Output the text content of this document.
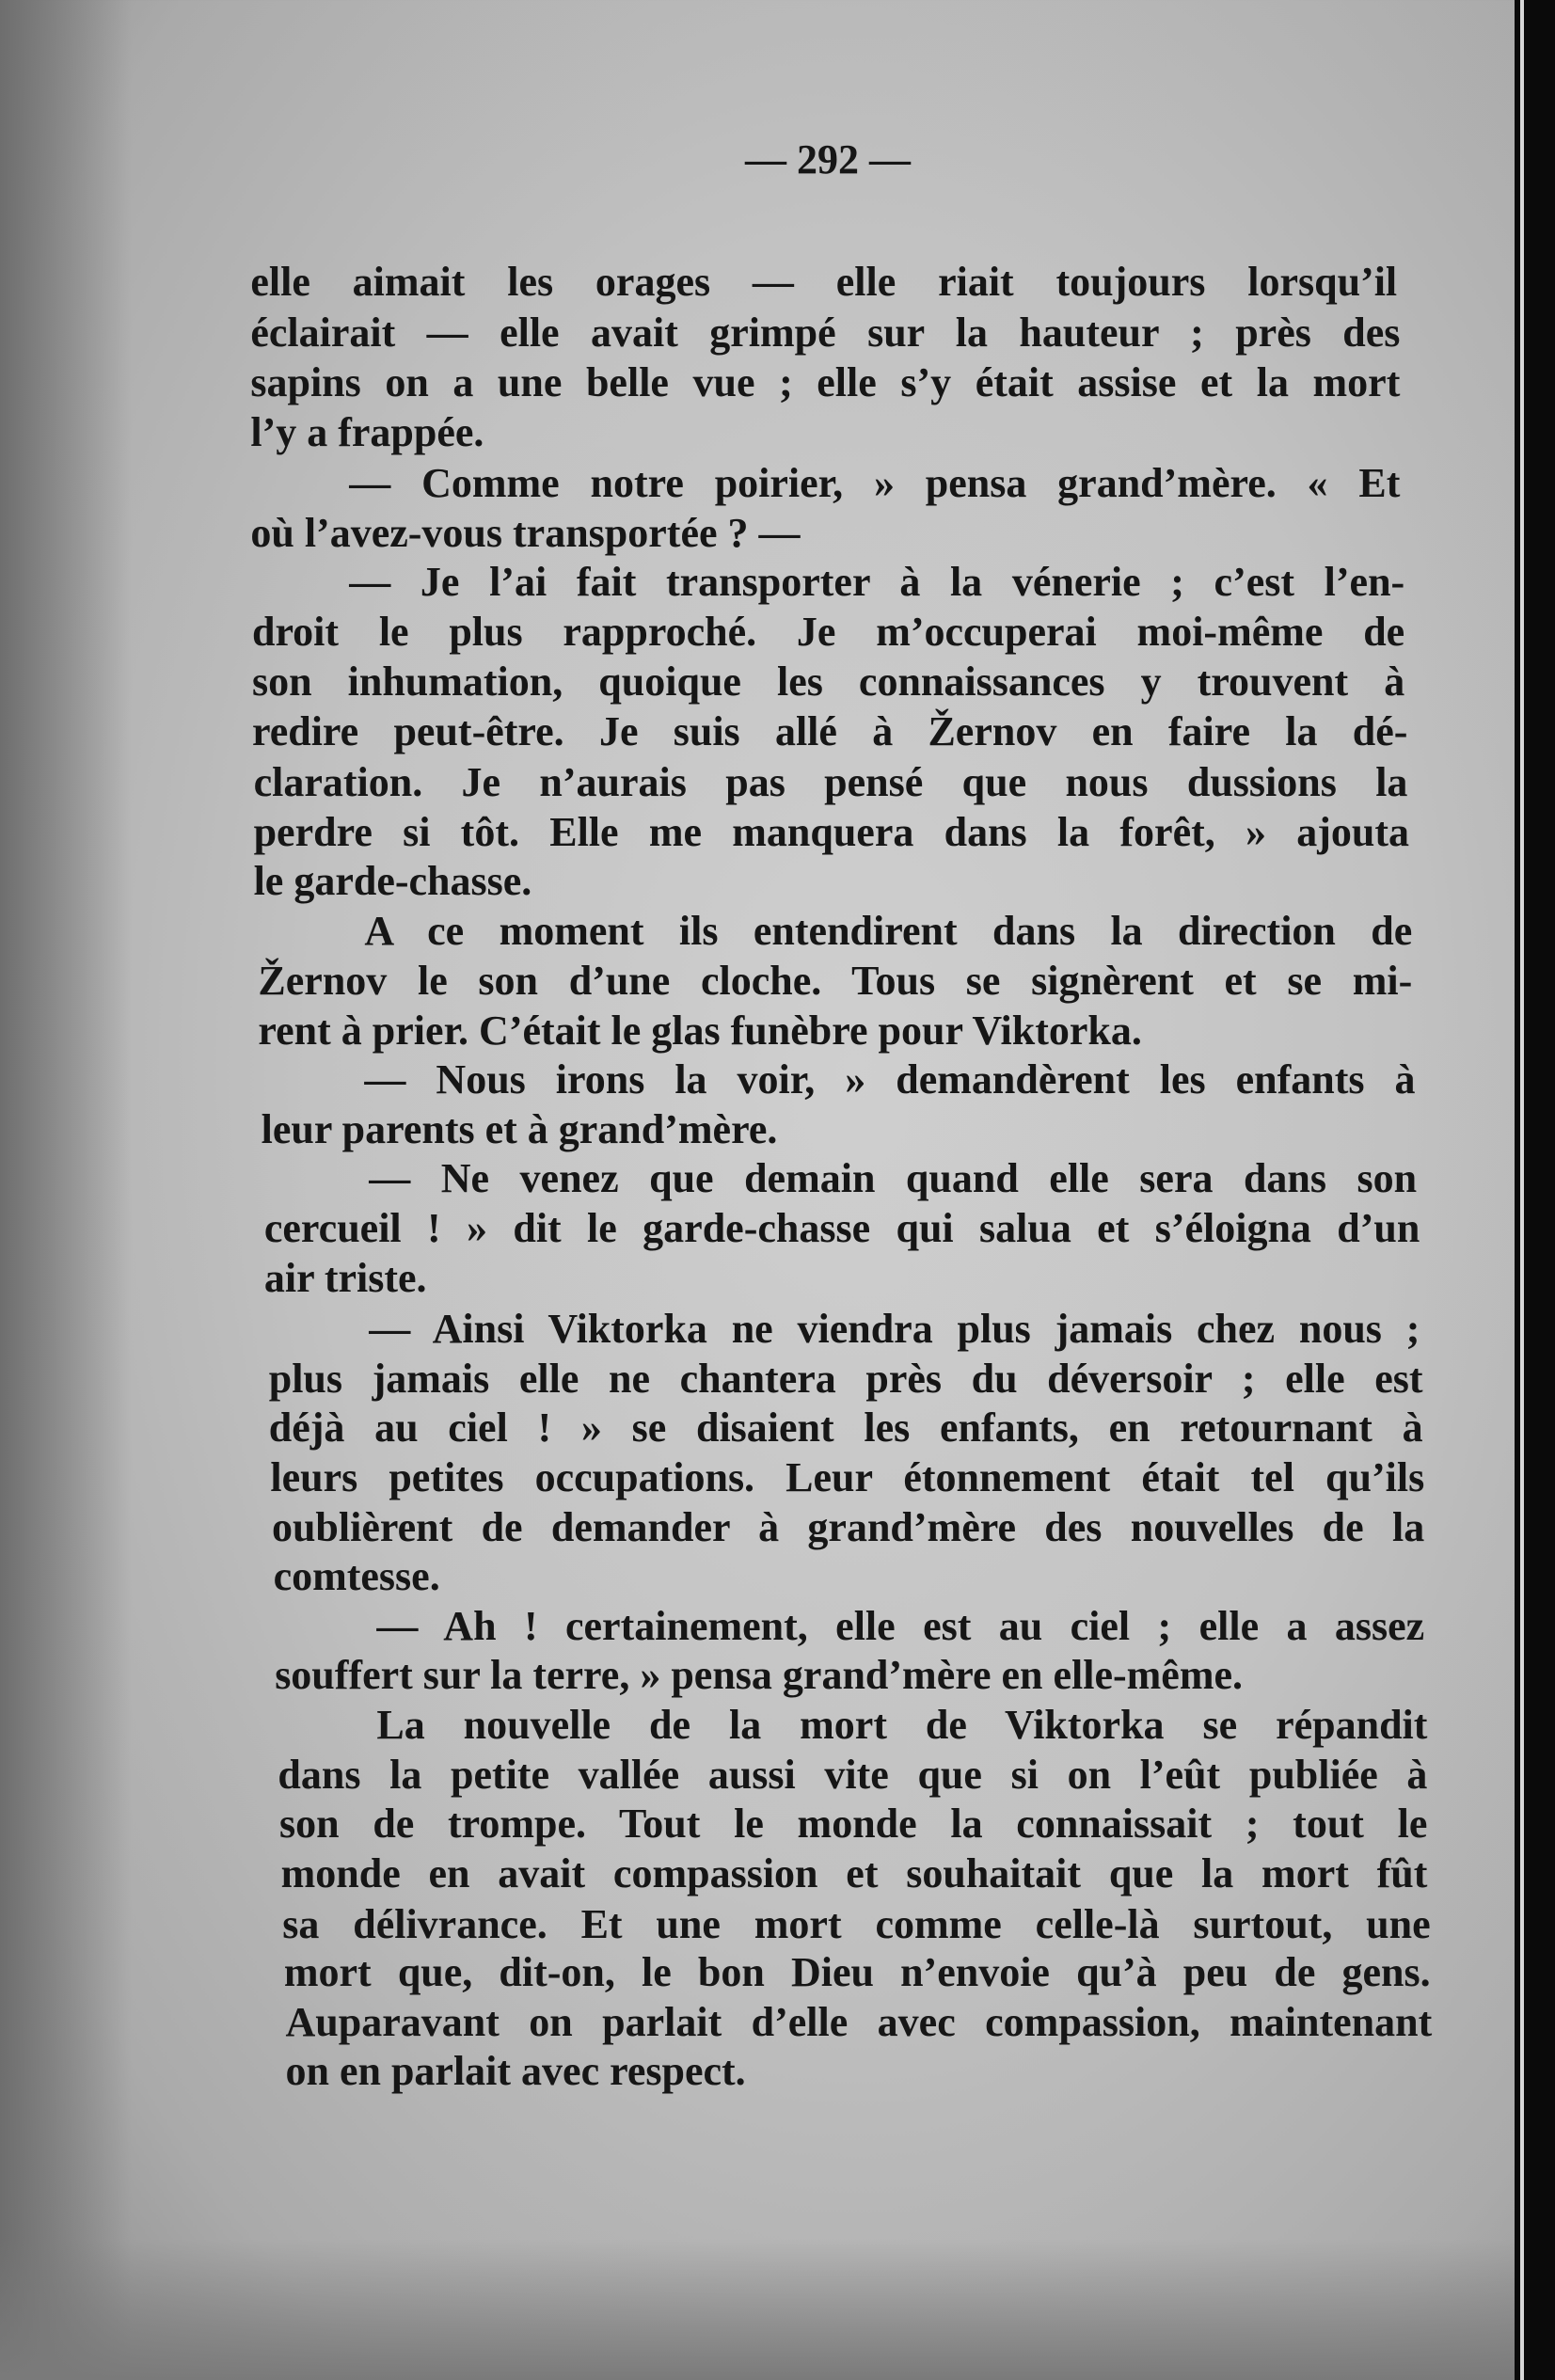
— 292 —
elle aimait les orages — elle riait toujours lorsqu’il
éclairait — elle avait grimpé sur la hauteur ; près des
sapins on a une belle vue ; elle s’y était assise et la mort
l’y a frappée.
— Comme notre poirier, » pensa grand’mère. « Et
où l’avez-vous transportée ? —
— Je l’ai fait transporter à la vénerie ; c’est l’en-
droit le plus rapproché. Je m’occuperai moi-même de
son inhumation, quoique les connaissances y trouvent à
redire peut-être. Je suis allé à Žernov en faire la dé-
claration. Je n’aurais pas pensé que nous dussions la
perdre si tôt. Elle me manquera dans la forêt, » ajouta
le garde-chasse.
A ce moment ils entendirent dans la direction de
Žernov le son d’une cloche. Tous se signèrent et se mi-
rent à prier. C’était le glas funèbre pour Viktorka.
— Nous irons la voir, » demandèrent les enfants à
leur parents et à grand’mère.
— Ne venez que demain quand elle sera dans son
cercueil ! » dit le garde-chasse qui salua et s’éloigna d’un
air triste.
— Ainsi Viktorka ne viendra plus jamais chez nous ;
plus jamais elle ne chantera près du déversoir ; elle est
déjà au ciel ! » se disaient les enfants, en retournant à
leurs petites occupations. Leur étonnement était tel qu’ils
oublièrent de demander à grand’mère des nouvelles de la
comtesse.
— Ah ! certainement, elle est au ciel ; elle a assez
souffert sur la terre, » pensa grand’mère en elle-même.
La nouvelle de la mort de Viktorka se répandit
dans la petite vallée aussi vite que si on l’eût publiée à
son de trompe. Tout le monde la connaissait ; tout le
monde en avait compassion et souhaitait que la mort fût
sa délivrance. Et une mort comme celle-là surtout, une
mort que, dit-on, le bon Dieu n’envoie qu’à peu de gens.
Auparavant on parlait d’elle avec compassion, maintenant
on en parlait avec respect.
